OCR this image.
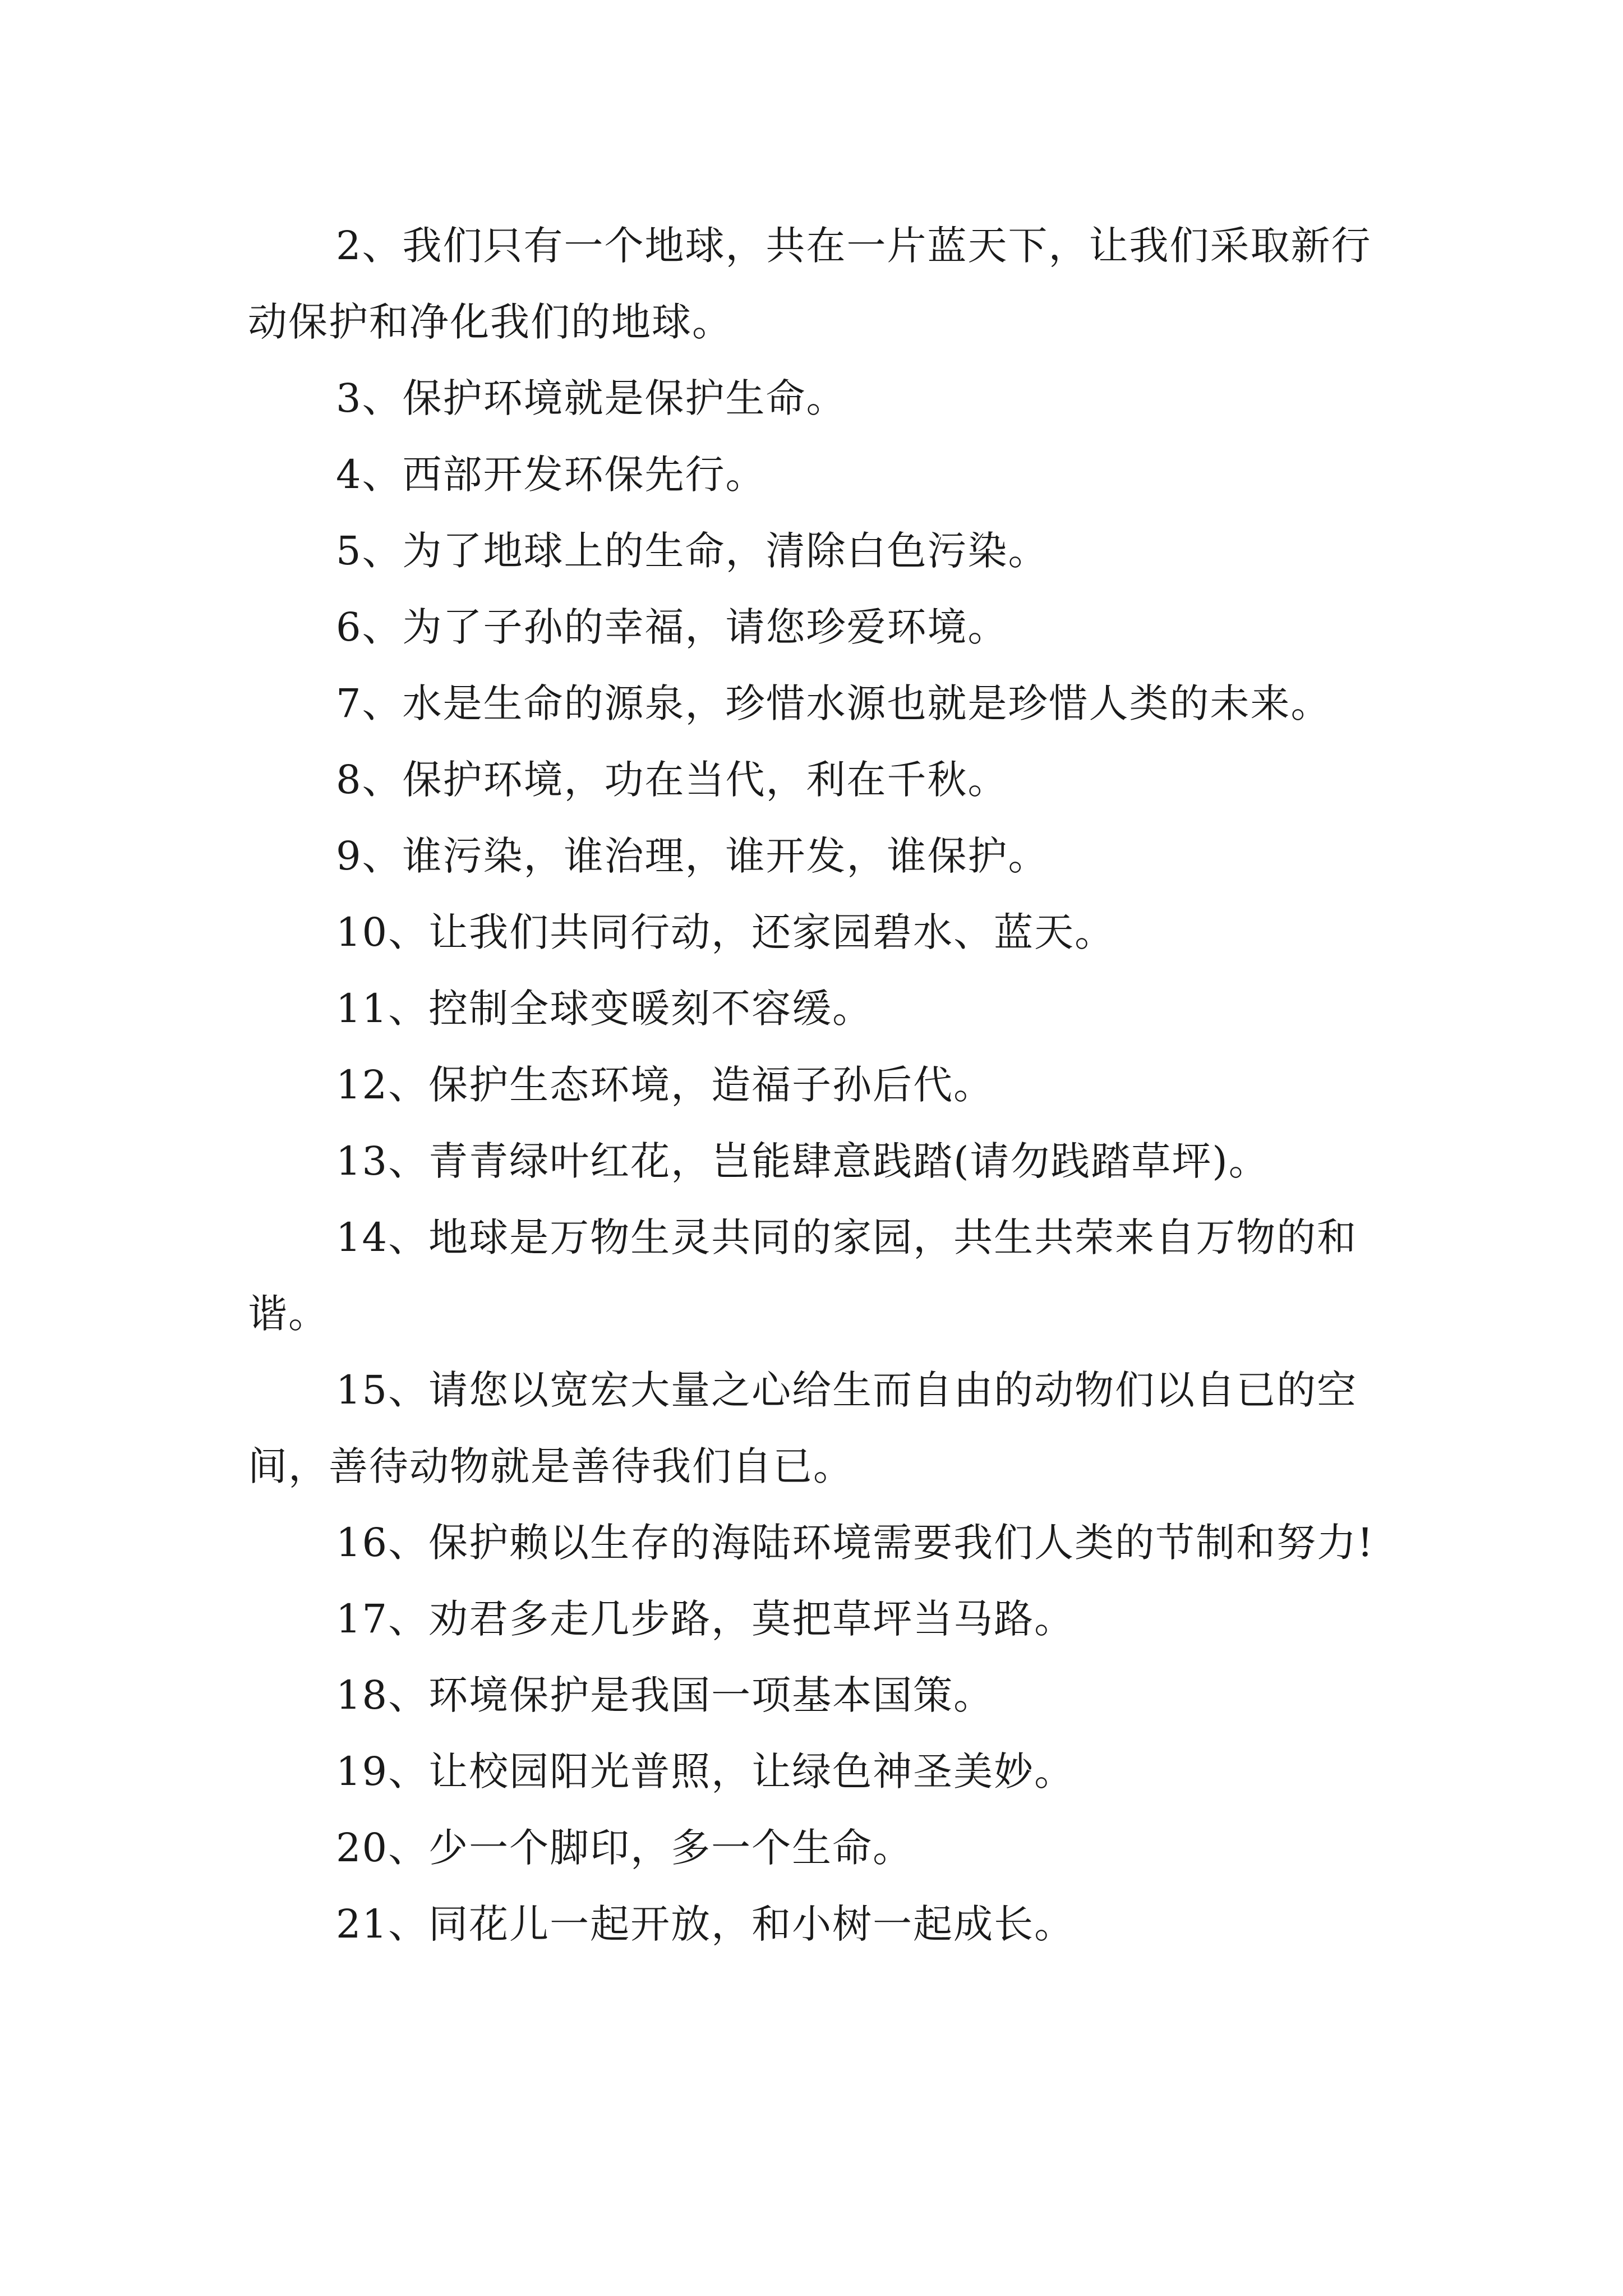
2、我们只有一个地球，共在一片蓝天下，让我们采取新行动保护和净化我们的地球。

3、保护环境就是保护生命。

4、西部开发环保先行。

5、为了地球上的生命，清除白色污染。

6、为了子孙的幸福，请您珍爱环境。

7、水是生命的源泉，珍惜水源也就是珍惜人类的未来。

8、保护环境，功在当代，利在千秋。

9、谁污染，谁治理，谁开发，谁保护。

10、让我们共同行动，还家园碧水、蓝天。

11、控制全球变暖刻不容缓。

12、保护生态环境，造福子孙后代。

13、青青绿叶红花，岂能肆意践踏(请勿践踏草坪)。

14、地球是万物生灵共同的家园，共生共荣来自万物的和谐。

15、请您以宽宏大量之心给生而自由的动物们以自已的空间，善待动物就是善待我们自已。

16、保护赖以生存的海陆环境需要我们人类的节制和努力!

17、劝君多走几步路，莫把草坪当马路。

18、环境保护是我国一项基本国策。

19、让校园阳光普照，让绿色神圣美妙。

20、少一个脚印，多一个生命。

21、同花儿一起开放，和小树一起成长。
